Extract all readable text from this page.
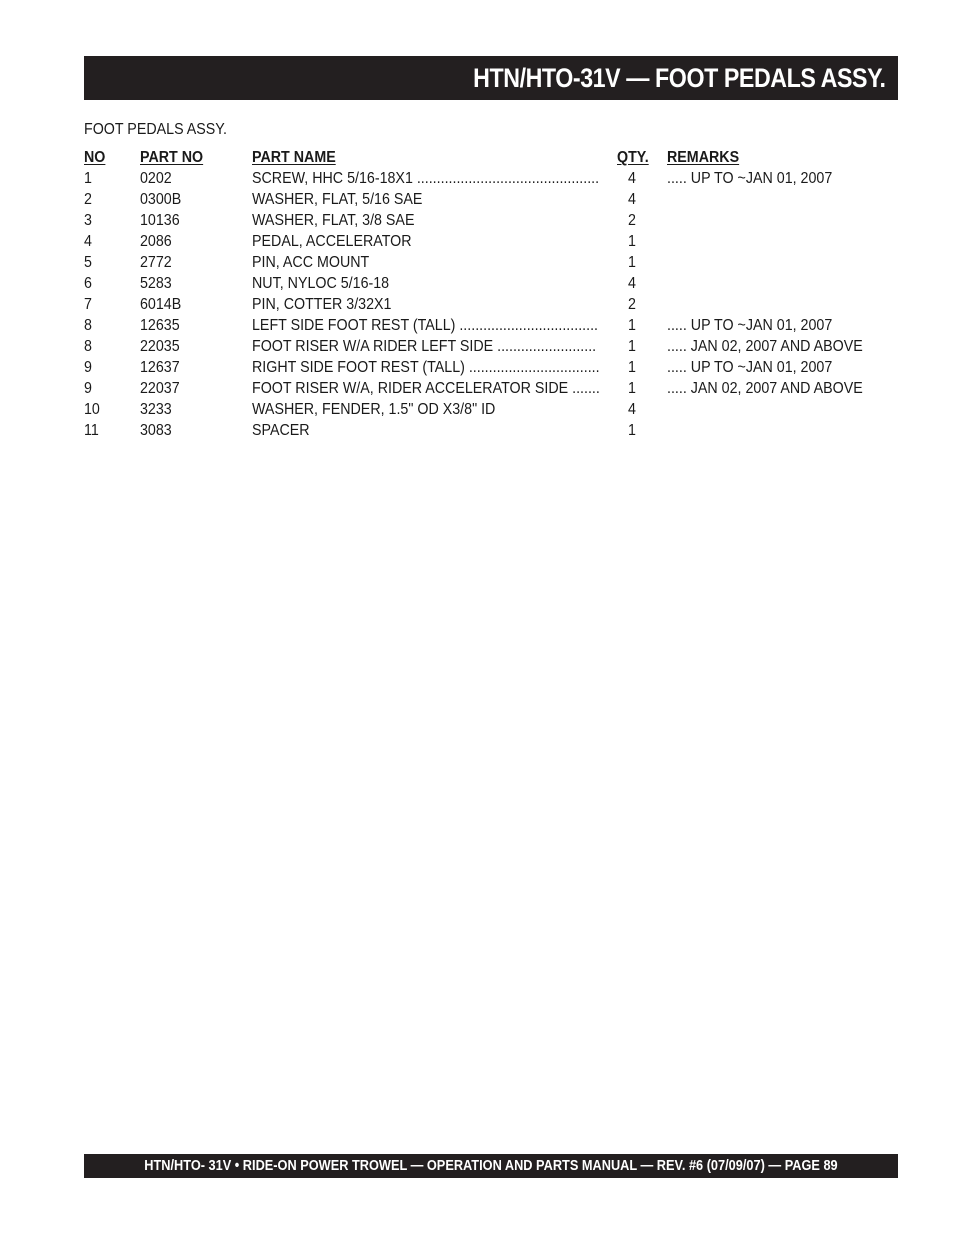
HTN/HTO-31V — FOOT PEDALS ASSY.
FOOT PEDALS ASSY.
NO PART NO	PART NAME	QTY. REMARKS
1	0202	SCREW, HHC 5/16-18X1 .............................................. 4 ..... UP TO ~JAN 01, 2007
2	0300B	WASHER, FLAT, 5/16 SAE	4
3	10136	WASHER, FLAT, 3/8 SAE	2
4	2086	PEDAL, ACCELERATOR	1
5	2772	PIN, ACC MOUNT	1
6	5283	NUT, NYLOC 5/16-18	4
7	6014B	PIN, COTTER 3/32X1	2
8	12635	LEFT SIDE FOOT REST (TALL) ................................... 1 ..... UP TO ~JAN 01, 2007
8	22035	FOOT RISER W/A RIDER LEFT SIDE ......................... 1 ..... JAN 02, 2007 AND ABOVE
9	12637	RIGHT SIDE FOOT REST (TALL) ................................. 1 ..... UP TO ~JAN 01, 2007
9	22037	FOOT RISER W/A, RIDER ACCELERATOR SIDE ....... 1 ..... JAN 02, 2007 AND ABOVE
10	3233	WASHER, FENDER, 1.5" OD X3/8" ID	4
11	3083	SPACER	1
HTN/HTO- 31V • RIDE-ON POWER TROWEL — OPERATION AND PARTS MANUAL — REV. #6 (07/09/07) — PAGE 89
